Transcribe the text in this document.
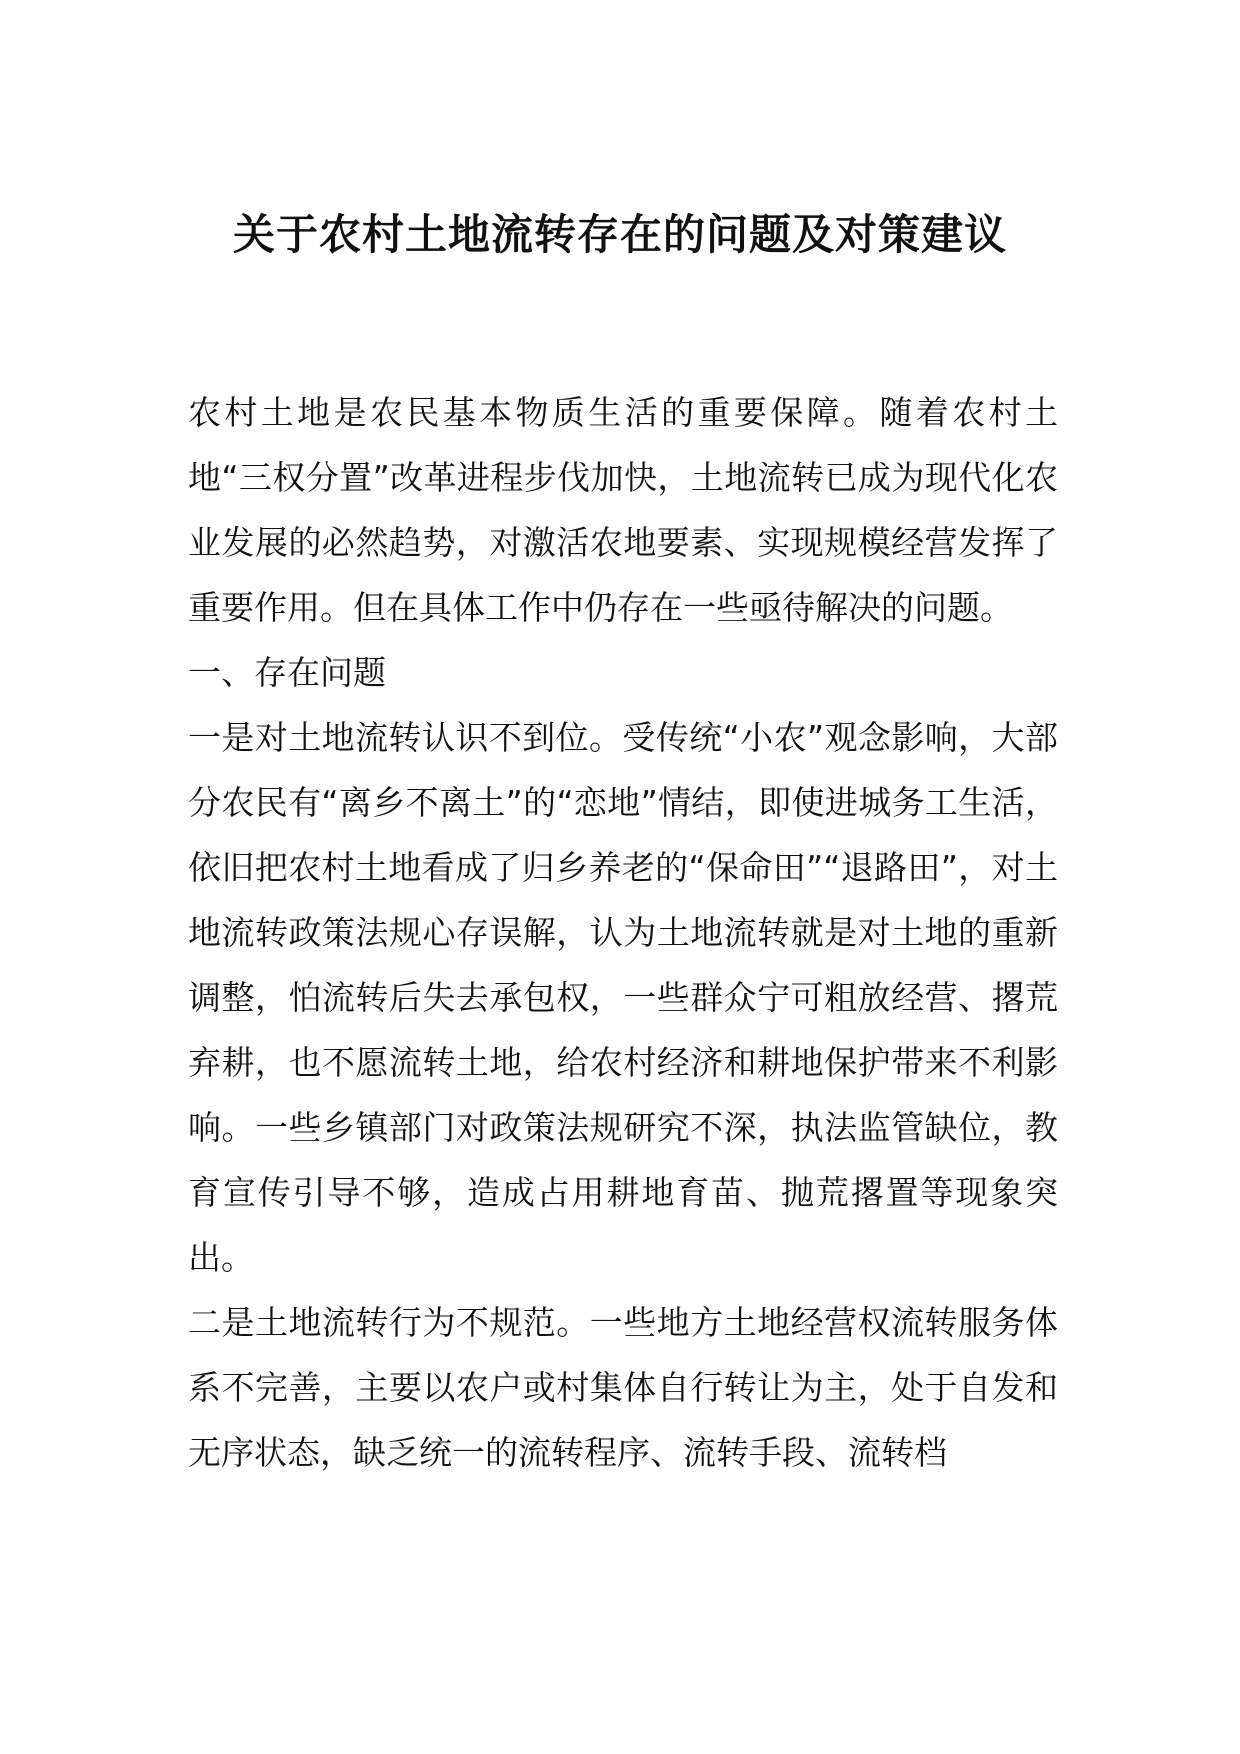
关于农村土地流转存在的问题及对策建议

农村土地是农民基本物质生活的重要保障。随着农村土地“三权分置”改革进程步伐加快，土地流转已成为现代化农业发展的必然趋势，对激活农地要素、实现规模经营发挥了重要作用。但在具体工作中仍存在一些亟待解决的问题。

一、存在问题

一是对土地流转认识不到位。受传统“小农”观念影响，大部分农民有“离乡不离土”的“恋地”情结，即使进城务工生活，依旧把农村土地看成了归乡养老的“保命田”“退路田”，对土地流转政策法规心存误解，认为土地流转就是对土地的重新调整，怕流转后失去承包权，一些群众宁可粗放经营、撂荒弃耕，也不愿流转土地，给农村经济和耕地保护带来不利影响。一些乡镇部门对政策法规研究不深，执法监管缺位，教育宣传引导不够，造成占用耕地育苗、抛荒撂置等现象突出。

二是土地流转行为不规范。一些地方土地经营权流转服务体系不完善，主要以农户或村集体自行转让为主，处于自发和无序状态，缺乏统一的流转程序、流转手段、流转档
